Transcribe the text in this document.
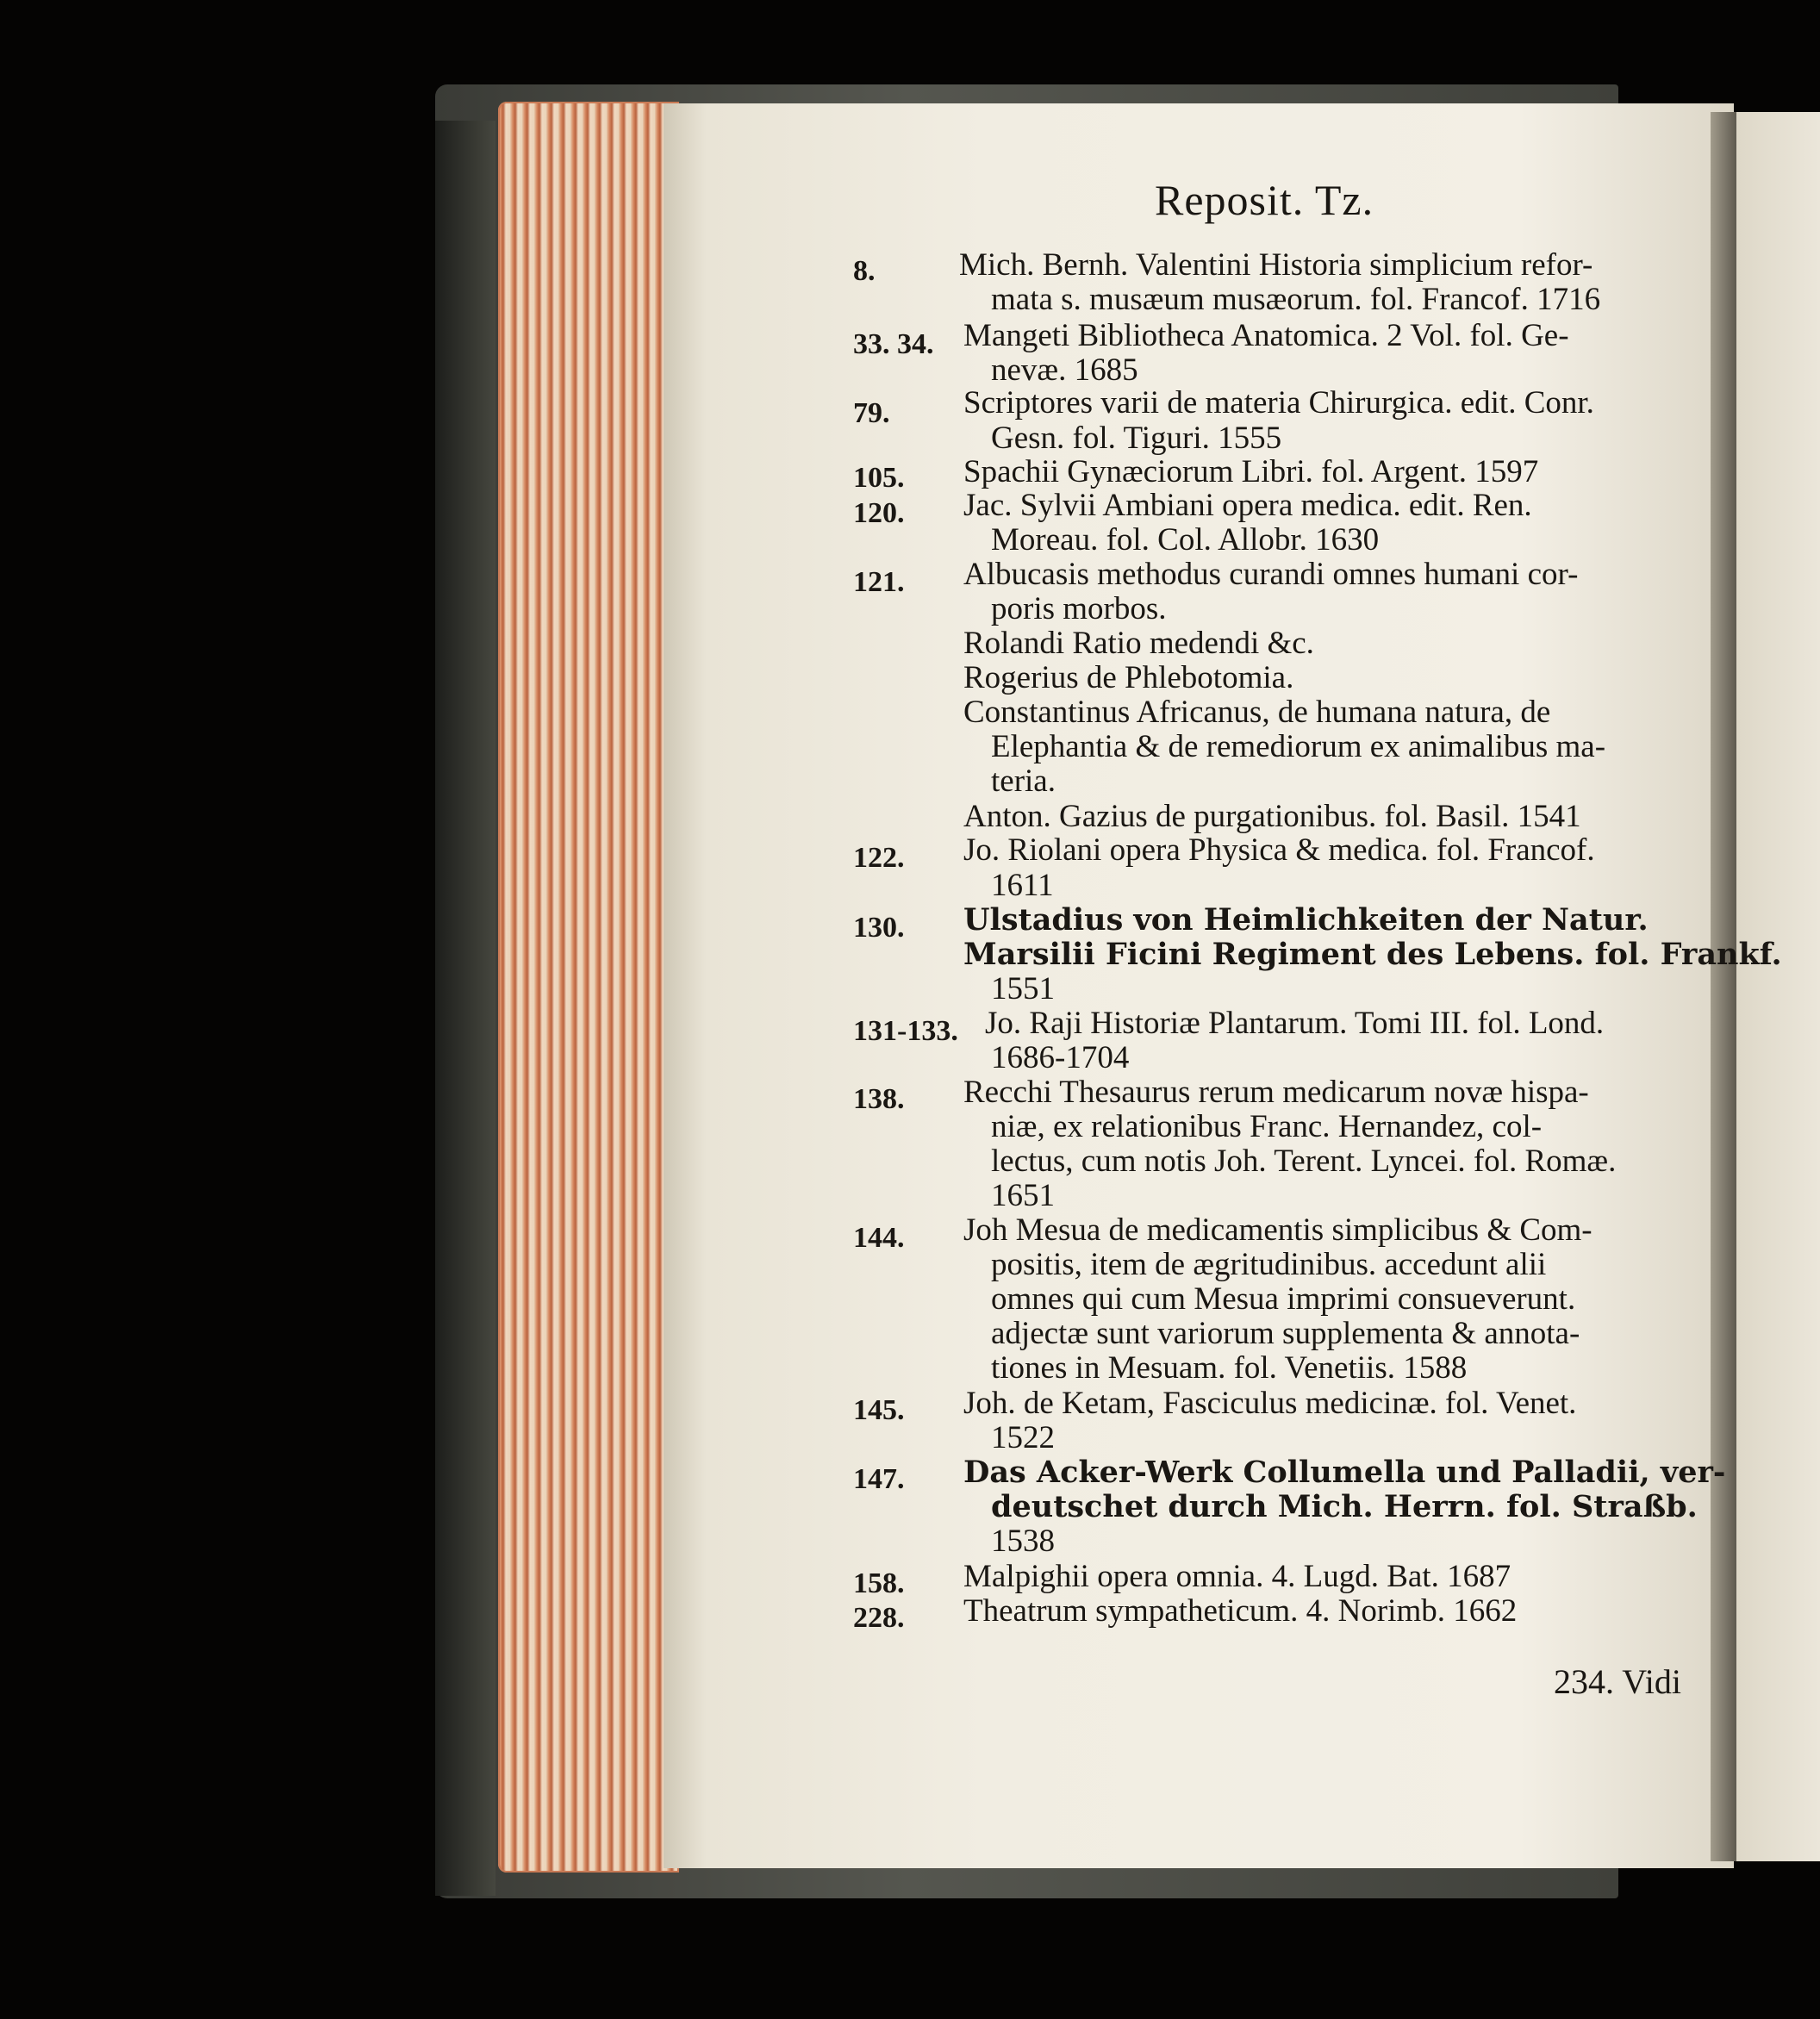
Reposit. Tz.
8.	Mich. Bernh. Valentini Historia simplicium refor-
mata s. musæum musæorum. fol. Francof. 1716
33. 34. Mangeti Bibliotheca Anatomica. 2 Vol. fol. Ge-
nevæ. 1685
79. Scriptores varii de materia Chirurgica. edit. Conr.
Gesn. fol. Tiguri. 1555
105. Spachii Gynæciorum Libri. fol. Argent. 1597
120. Jac. Sylvii Ambiani opera medica. edit. Ren.
Moreau. fol. Col. Allobr. 1630
121. Albucasis methodus curandi omnes humani cor-
poris morbos.
Rolandi Ratio medendi &c.
Rogerius de Phlebotomia.
Constantinus Africanus, de humana natura, de
Elephantia & de remediorum ex animalibus ma-
teria.
Anton. Gazius de purgationibus. fol. Basil. 1541
122. Jo. Riolani opera Physica & medica. fol. Francof.
1611
130. Ulstadius von Heimlichkeiten der Natur.
Marsilii Ficini Regiment des Lebens. fol. Frankf.
1551
131-133. Jo. Raji Historiæ Plantarum. Tomi III. fol. Lond.
1686-1704
138. Recchi Thesaurus rerum medicarum novæ hispa-
niæ, ex relationibus Franc. Hernandez, col-
lectus, cum notis Joh. Terent. Lyncei. fol. Romæ.
1651
144. Joh Mesua de medicamentis simplicibus & Com-
positis, item de ægritudinibus. accedunt alii
omnes qui cum Mesua imprimi consueverunt.
adjectæ sunt variorum supplementa & annota-
tiones in Mesuam. fol. Venetiis. 1588
145. Joh. de Ketam, Fasciculus medicinæ. fol. Venet.
1522
147. Das Acker-Werk Collumella und Palladii, ver-
deutschet durch Mich. Herrn. fol. Straßb.
1538
158. Malpighii opera omnia. 4. Lugd. Bat. 1687
228. Theatrum sympatheticum. 4. Norimb. 1662
234. Vidi
